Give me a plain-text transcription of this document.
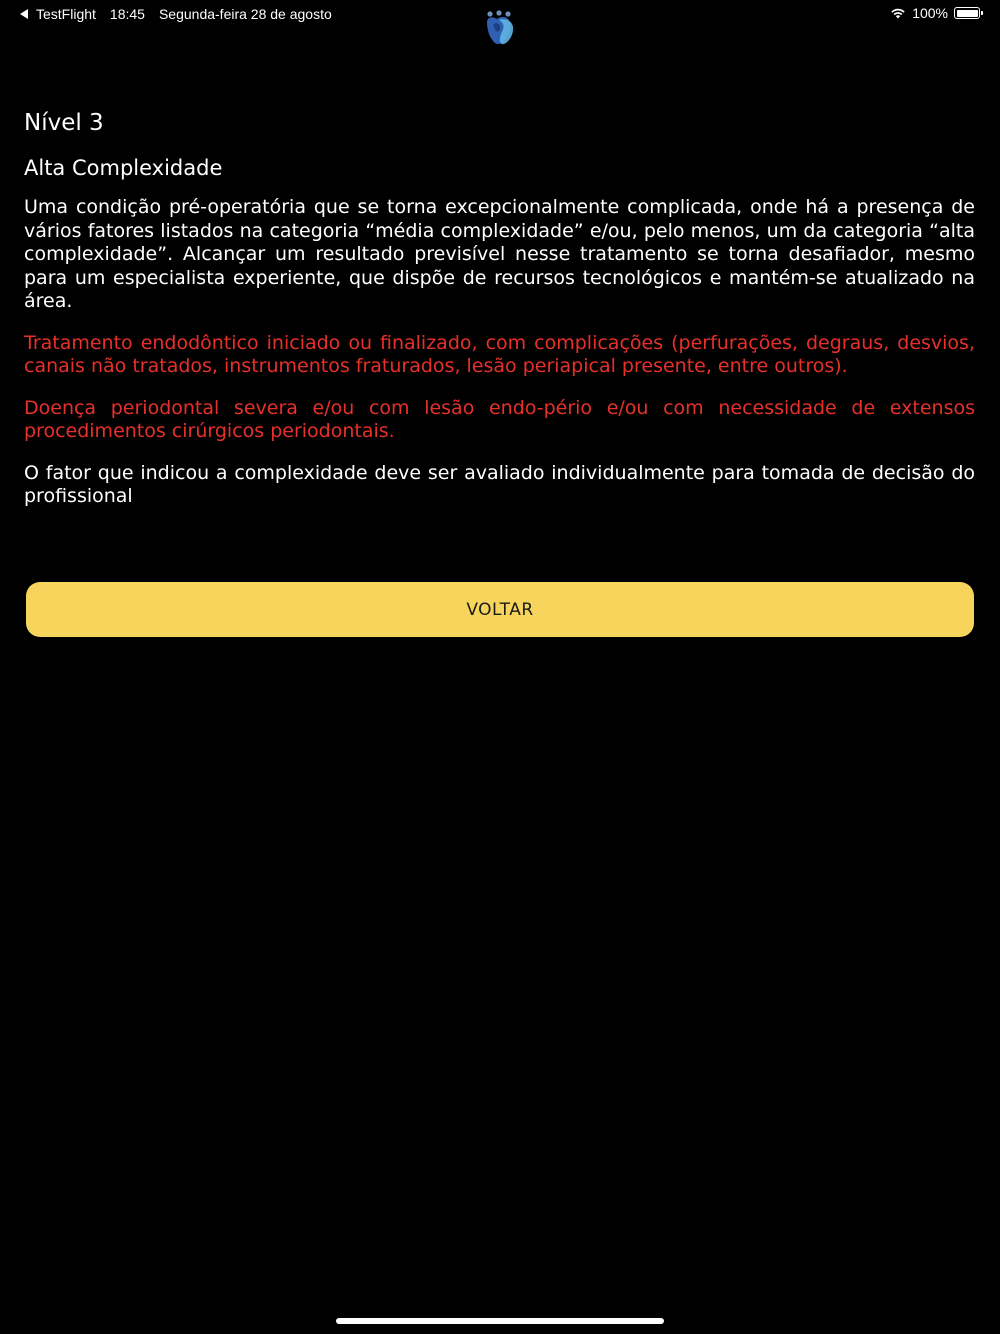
TestFlight 18:45 Segunda-feira 28 de agosto	100%
Nível 3
Alta Complexidade

Uma condição pré-operatória que se torna excepcionalmente complicada, onde há a presença de vários fatores listados na categoria “média complexidade” e/ou, pelo menos, um da categoria “alta complexidade”. Alcançar um resultado previsível nesse tratamento se torna desafiador, mesmo para um especialista experiente, que dispõe de recursos tecnológicos e mantém-se atualizado na área.

Tratamento endodôntico iniciado ou finalizado, com complicações (perfurações, degraus, desvios, canais não tratados, instrumentos fraturados, lesão periapical presente, entre outros).

Doença periodontal severa e/ou com lesão endo-pério e/ou com necessidade de extensos procedimentos cirúrgicos periodontais.

O fator que indicou a complexidade deve ser avaliado individualmente para tomada de decisão do profissional

VOLTAR
